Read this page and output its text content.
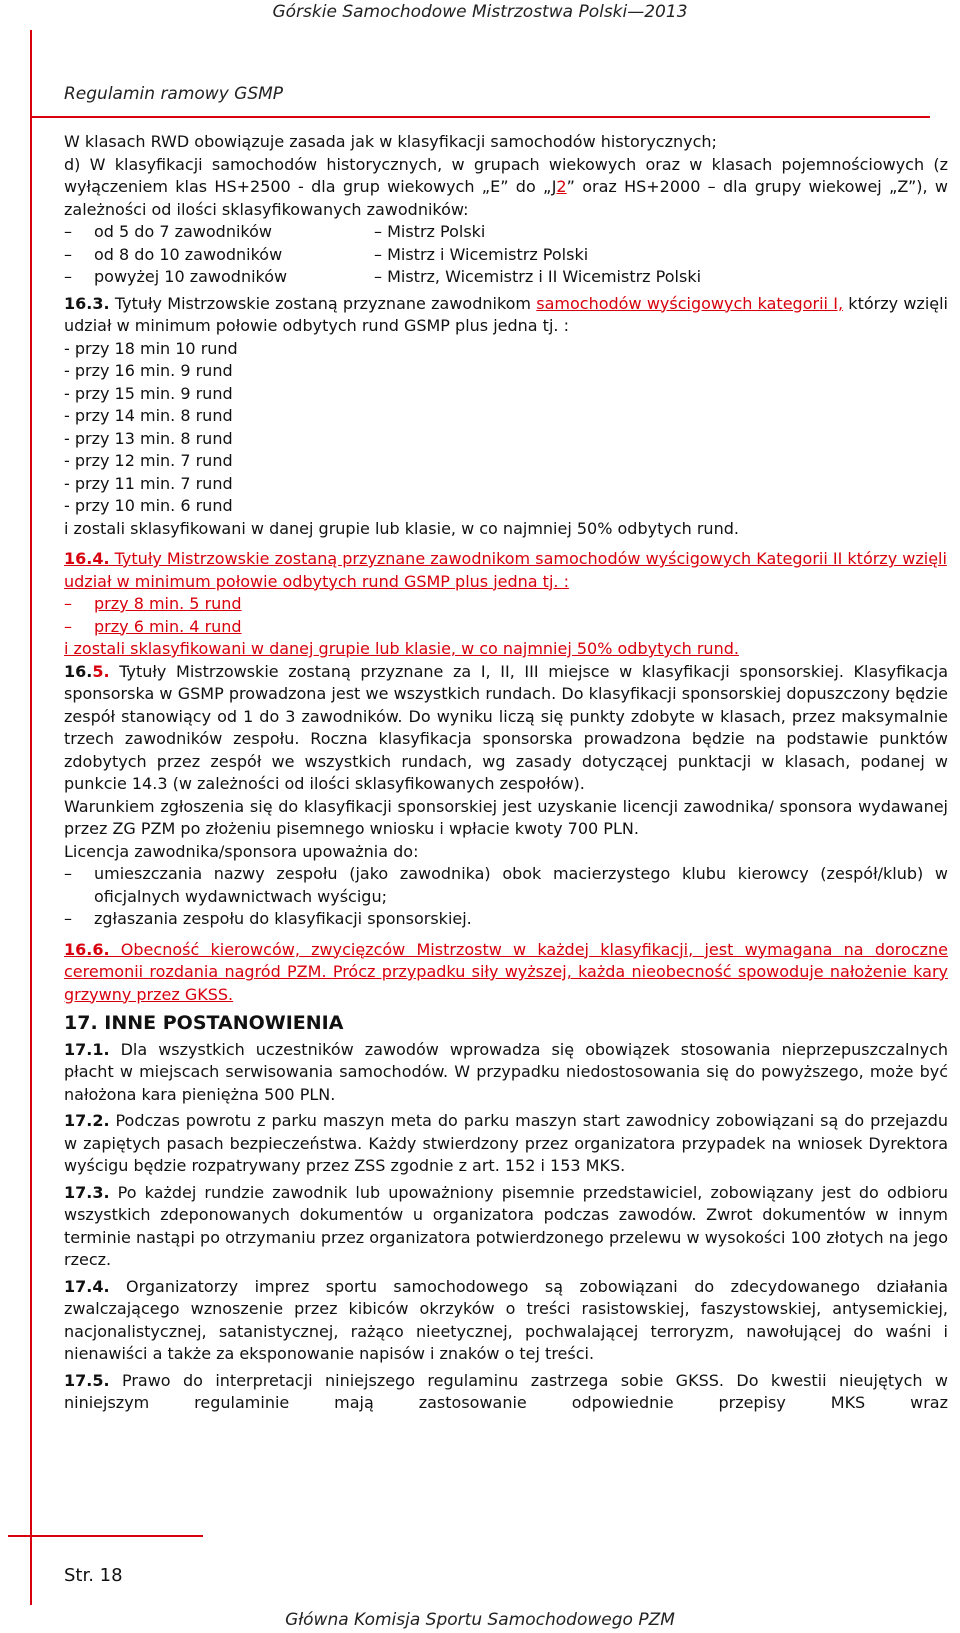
Górskie Samochodowe Mistrzostwa Polski—2013
Regulamin ramowy GSMP

W klasach RWD obowiązuje zasada jak w klasyfikacji samochodów historycznych;

d) W klasyfikacji samochodów historycznych, w grupach wiekowych oraz w klasach pojemnościowych (z wyłączeniem klas HS+2500 - dla grup wiekowych „E” do „J2” oraz HS+2000 – dla grupy wiekowej „Z”), w zależności od ilości sklasyfikowanych zawodników:

– od 5 do 7 zawodników	– Mistrz Polski
– od 8 do 10 zawodników	– Mistrz i Wicemistrz Polski
– powyżej 10 zawodników	– Mistrz, Wicemistrz i II Wicemistrz Polski

16.3. Tytuły Mistrzowskie zostaną przyznane zawodnikom samochodów wyścigowych kategorii I, którzy wzięli udział w minimum połowie odbytych rund GSMP plus jedna tj. :

- przy 18 min 10 rund

- przy 16 min. 9 rund

- przy 15 min. 9 rund

- przy 14 min. 8 rund

- przy 13 min. 8 rund

- przy 12 min. 7 rund

- przy 11 min. 7 rund

- przy 10 min. 6 rund

i zostali sklasyfikowani w danej grupie lub klasie, w co najmniej 50% odbytych rund.

16.4. Tytuły Mistrzowskie zostaną przyznane zawodnikom samochodów wyścigowych Kategorii II którzy wzięli udział w minimum połowie odbytych rund GSMP plus jedna tj. :

– przy 8 min. 5 rund

– przy 6 min. 4 rund

i zostali sklasyfikowani w danej grupie lub klasie, w co najmniej 50% odbytych rund.

16.5. Tytuły Mistrzowskie zostaną przyznane za I, II, III miejsce w klasyfikacji sponsorskiej. Klasyfikacja sponsorska w GSMP prowadzona jest we wszystkich rundach. Do klasyfikacji sponsorskiej dopuszczony będzie zespół stanowiący od 1 do 3 zawodników. Do wyniku liczą się punkty zdobyte w klasach, przez maksymalnie trzech zawodników zespołu. Roczna klasyfikacja sponsorska prowadzona będzie na podstawie punktów zdobytych przez zespół we wszystkich rundach, wg zasady dotyczącej punktacji w klasach, podanej w punkcie 14.3 (w zależności od ilości sklasyfikowanych zespołów).

Warunkiem zgłoszenia się do klasyfikacji sponsorskiej jest uzyskanie licencji zawodnika/ sponsora wydawanej przez ZG PZM po złożeniu pisemnego wniosku i wpłacie kwoty 700 PLN.

Licencja zawodnika/sponsora upoważnia do:

– umieszczania nazwy zespołu (jako zawodnika) obok macierzystego klubu kierowcy (zespół/klub) w oficjalnych wydawnictwach wyścigu;

– zgłaszania zespołu do klasyfikacji sponsorskiej.

16.6. Obecność kierowców, zwycięzców Mistrzostw w każdej klasyfikacji, jest wymagana na doroczne ceremonii rozdania nagród PZM. Prócz przypadku siły wyższej, każda nieobecność spowoduje nałożenie kary grzywny przez GKSS.

17. INNE POSTANOWIENIA

17.1. Dla wszystkich uczestników zawodów wprowadza się obowiązek stosowania nieprzepuszczalnych płacht w miejscach serwisowania samochodów. W przypadku niedostosowania się do powyższego, może być nałożona kara pieniężna 500 PLN.

17.2. Podczas powrotu z parku maszyn meta do parku maszyn start zawodnicy zobowiązani są do przejazdu w zapiętych pasach bezpieczeństwa. Każdy stwierdzony przez organizatora przypadek na wniosek Dyrektora wyścigu będzie rozpatrywany przez ZSS zgodnie z art. 152 i 153 MKS.

17.3. Po każdej rundzie zawodnik lub upoważniony pisemnie przedstawiciel, zobowiązany jest do odbioru wszystkich zdeponowanych dokumentów u organizatora podczas zawodów. Zwrot dokumentów w innym terminie nastąpi po otrzymaniu przez organizatora potwierdzonego przelewu w wysokości 100 złotych na jego rzecz.

17.4. Organizatorzy imprez sportu samochodowego są zobowiązani do zdecydowanego działania zwalczającego wznoszenie przez kibiców okrzyków o treści rasistowskiej, faszystowskiej, antysemickiej, nacjonalistycznej, satanistycznej, rażąco nieetycznej, pochwalającej terroryzm, nawołującej do waśni i nienawiści a także za eksponowanie napisów i znaków o tej treści.

17.5. Prawo do interpretacji niniejszego regulaminu zastrzega sobie GKSS. Do kwestii nieujętych w niniejszym regulaminie mają zastosowanie odpowiednie przepisy MKS wraz

Str. 18
Główna Komisja Sportu Samochodowego PZM
